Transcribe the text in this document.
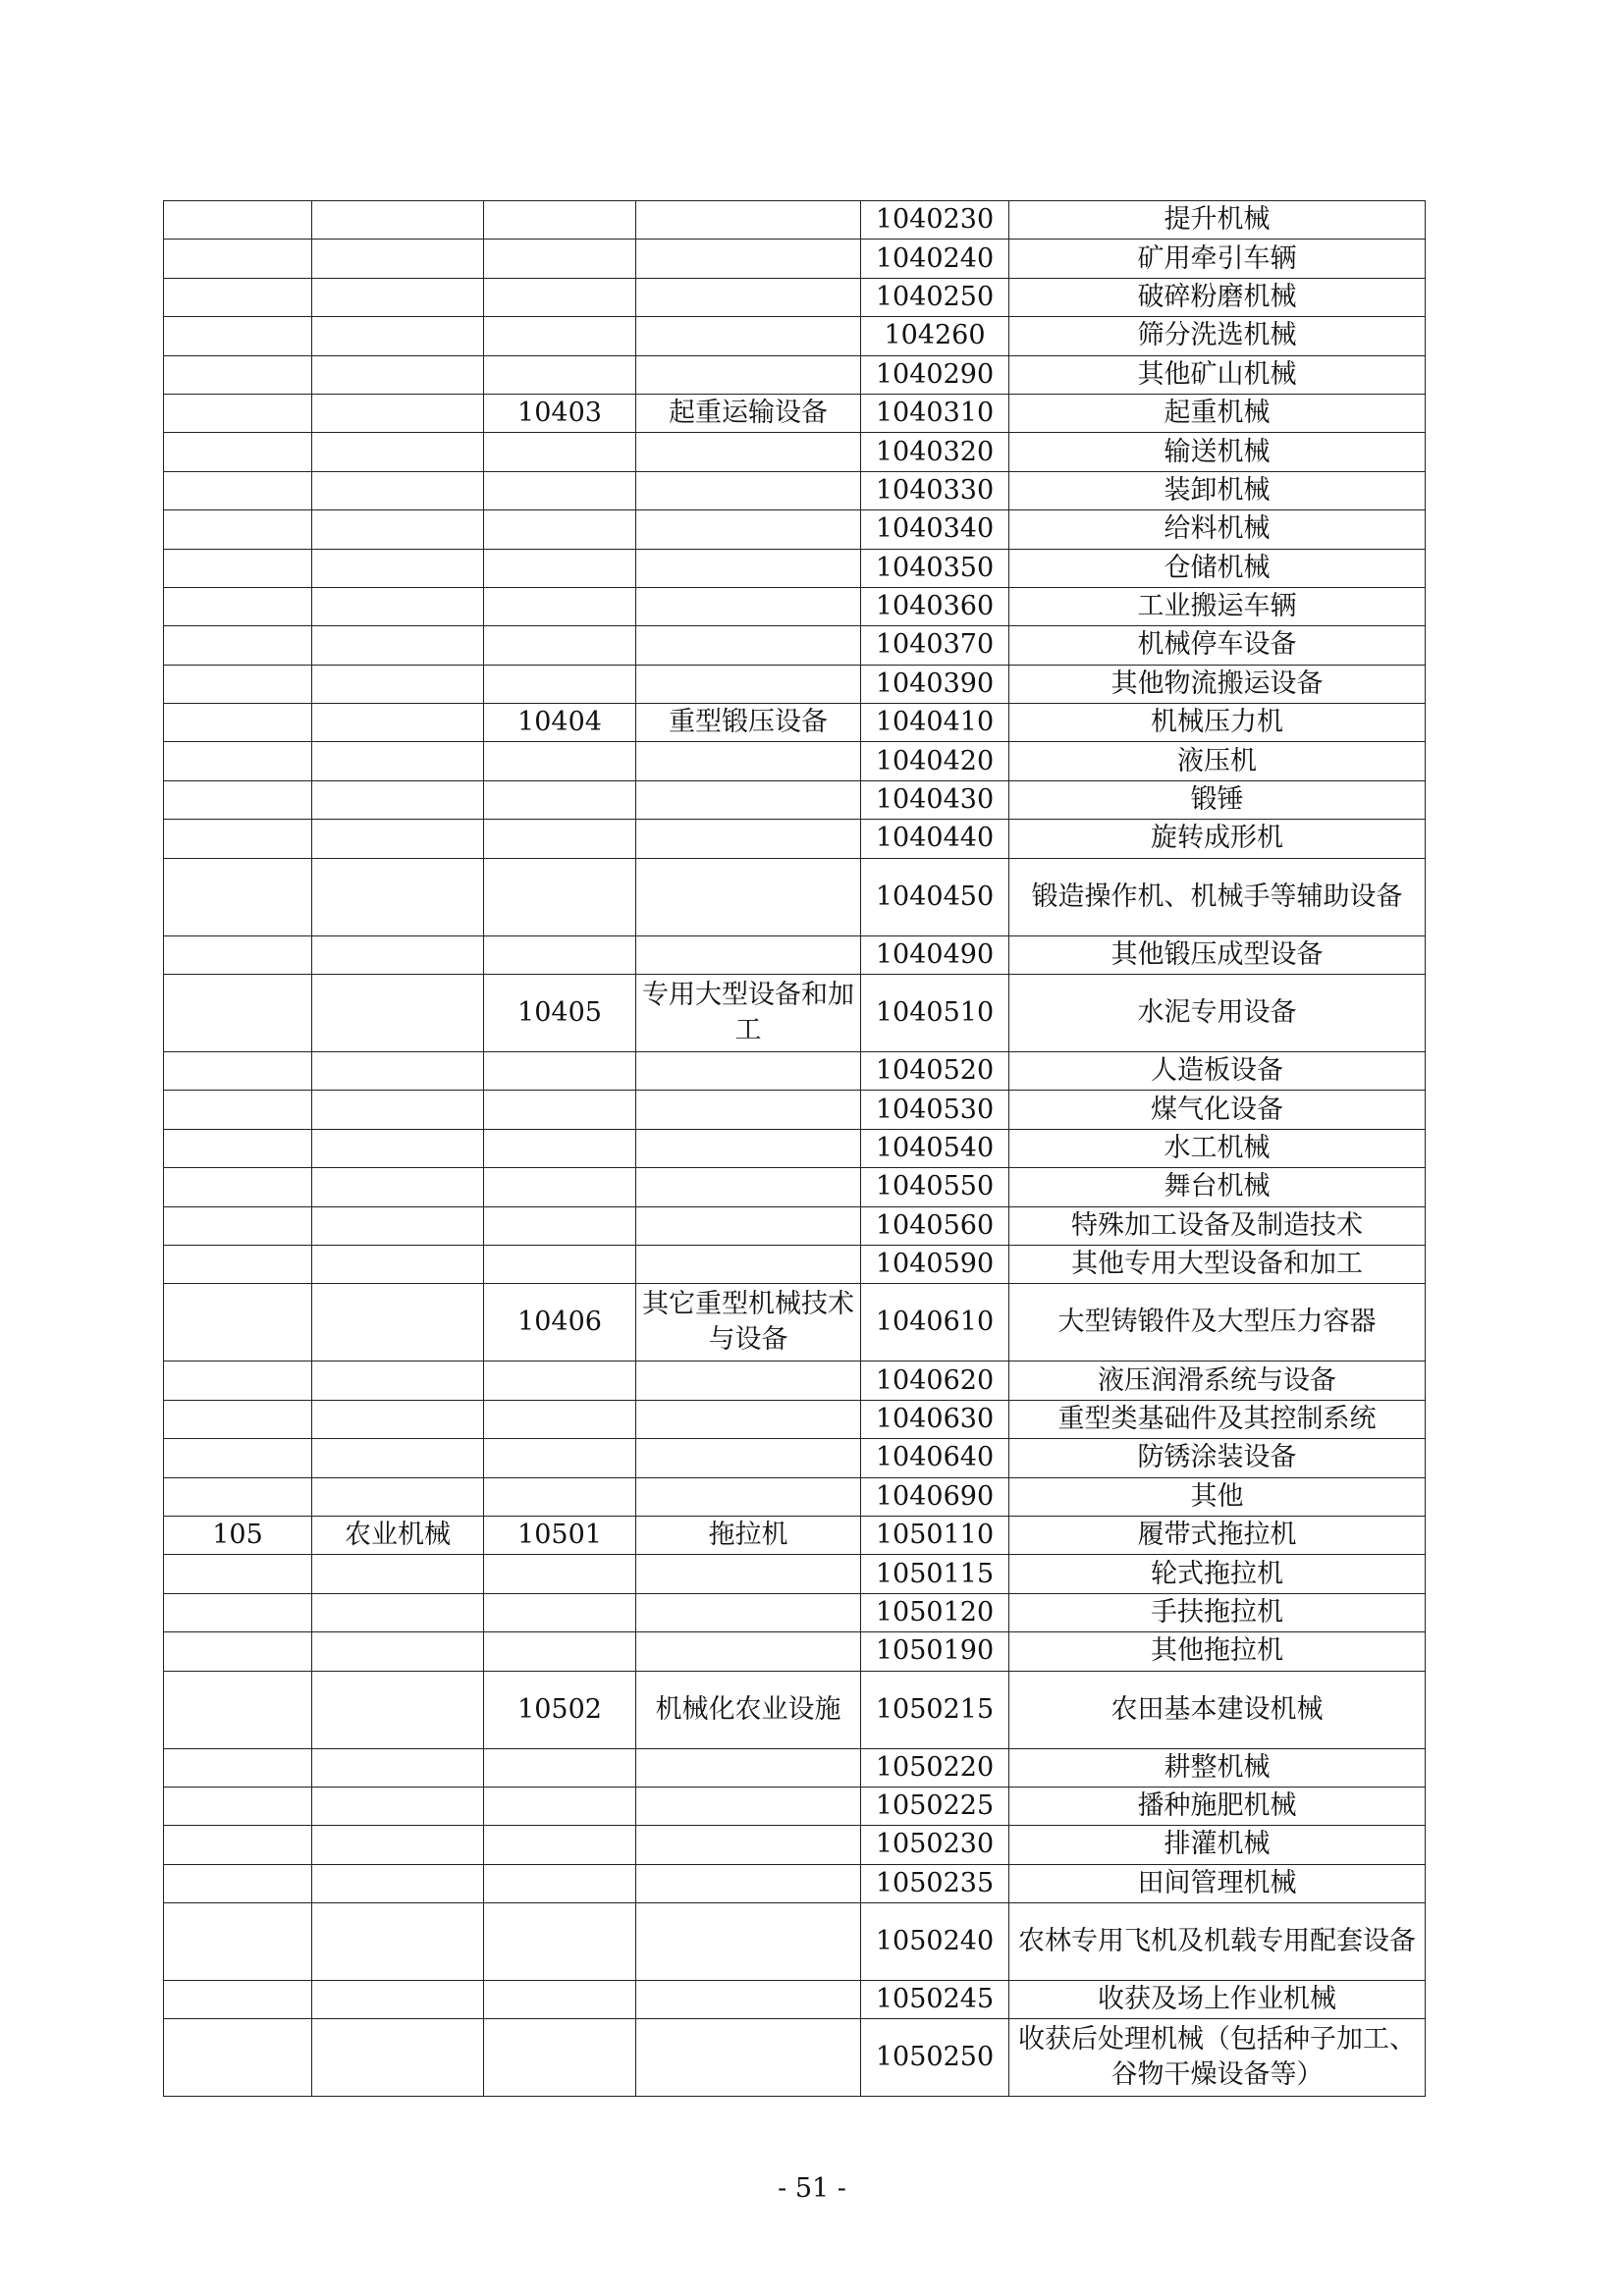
				1040230	提升机械
				1040240	矿用牵引车辆
				1040250	破碎粉磨机械
				104260	筛分洗选机械
				1040290	其他矿山机械
		10403	起重运输设备	1040310	起重机械
				1040320	输送机械
				1040330	装卸机械
				1040340	给料机械
				1040350	仓储机械
				1040360	工业搬运车辆
				1040370	机械停车设备
				1040390	其他物流搬运设备
		10404	重型锻压设备	1040410	机械压力机
				1040420	液压机
				1040430	锻锤
				1040440	旋转成形机
				1040450	锻造操作机、机械手等辅助设备
				1040490	其他锻压成型设备
		10405	专用大型设备和加工	1040510	水泥专用设备
				1040520	人造板设备
				1040530	煤气化设备
				1040540	水工机械
				1040550	舞台机械
				1040560	特殊加工设备及制造技术
				1040590	其他专用大型设备和加工
		10406	其它重型机械技术与设备	1040610	大型铸锻件及大型压力容器
				1040620	液压润滑系统与设备
				1040630	重型类基础件及其控制系统
				1040640	防锈涂装设备
				1040690	其他
105	农业机械	10501	拖拉机	1050110	履带式拖拉机
				1050115	轮式拖拉机
				1050120	手扶拖拉机
				1050190	其他拖拉机
		10502	机械化农业设施	1050215	农田基本建设机械
				1050220	耕整机械
				1050225	播种施肥机械
				1050230	排灌机械
				1050235	田间管理机械
				1050240	农林专用飞机及机载专用配套设备
				1050245	收获及场上作业机械
				1050250	收获后处理机械（包括种子加工、谷物干燥设备等）
- 51 -
